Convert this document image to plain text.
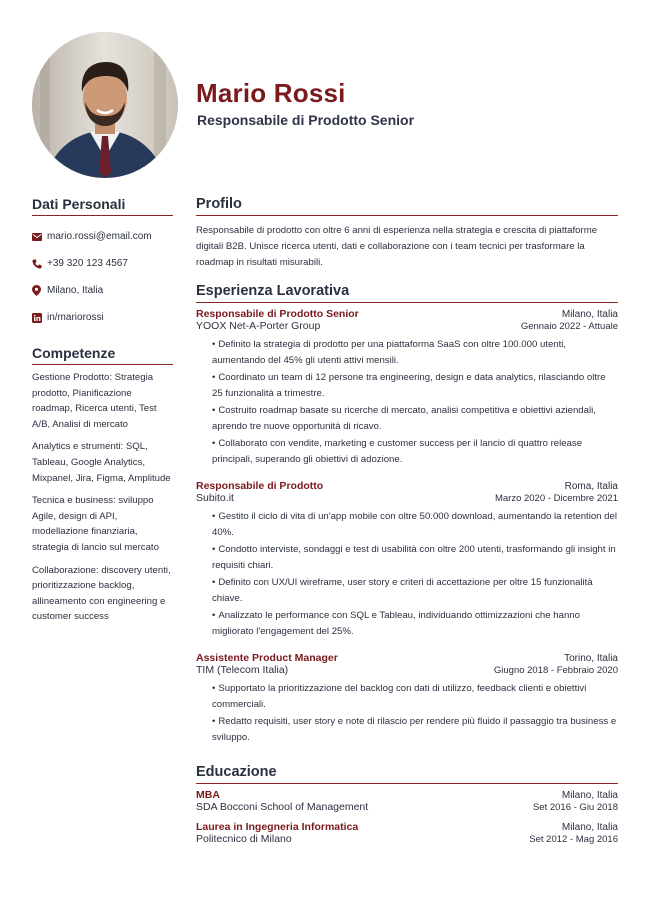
Mario Rossi
Responsabile di Prodotto Senior
Dati Personali
mario.rossi@email.com
+39 320 123 4567
Milano, Italia
in/mariorossi
Competenze
Gestione Prodotto: Strategia prodotto, Pianificazione roadmap, Ricerca utenti, Test A/B, Analisi di mercato
Analytics e strumenti: SQL, Tableau, Google Analytics, Mixpanel, Jira, Figma, Amplitude
Tecnica e business: sviluppo Agile, design di API, modellazione finanziaria, strategia di lancio sul mercato
Collaborazione: discovery utenti, prioritizzazione backlog, allineamento con engineering e customer success
Profilo

Responsabile di prodotto con oltre 6 anni di esperienza nella strategia e crescita di piattaforme digitali B2B. Unisce ricerca utenti, dati e collaborazione con i team tecnici per trasformare la roadmap in risultati misurabili.

Esperienza Lavorativa
Responsabile di Prodotto Senior	Milano, Italia
YOOX Net-A-Porter Group	Gennaio 2022 - Attuale
• Definito la strategia di prodotto per una piattaforma SaaS con oltre 100.000 utenti, aumentando del 45% gli utenti attivi mensili.
• Coordinato un team di 12 persone tra engineering, design e data analytics, rilasciando oltre 25 funzionalità a trimestre.
• Costruito roadmap basate su ricerche di mercato, analisi competitiva e obiettivi aziendali, aprendo tre nuove opportunità di ricavo.
• Collaborato con vendite, marketing e customer success per il lancio di quattro release principali, superando gli obiettivi di adozione.
Responsabile di Prodotto	Roma, Italia
Subito.it	Marzo 2020 - Dicembre 2021
• Gestito il ciclo di vita di un'app mobile con oltre 50.000 download, aumentando la retention del 40%.
• Condotto interviste, sondaggi e test di usabilità con oltre 200 utenti, trasformando gli insight in requisiti chiari.
• Definito con UX/UI wireframe, user story e criteri di accettazione per oltre 15 funzionalità chiave.
• Analizzato le performance con SQL e Tableau, individuando ottimizzazioni che hanno migliorato l'engagement del 25%.
Assistente Product Manager	Torino, Italia
TIM (Telecom Italia)	Giugno 2018 - Febbraio 2020
• Supportato la prioritizzazione del backlog con dati di utilizzo, feedback clienti e obiettivi commerciali.
• Redatto requisiti, user story e note di rilascio per rendere più fluido il passaggio tra business e sviluppo.
Educazione
MBA	Milano, Italia
SDA Bocconi School of Management	Set 2016 - Giu 2018
Laurea in Ingegneria Informatica	Milano, Italia
Politecnico di Milano	Set 2012 - Mag 2016
